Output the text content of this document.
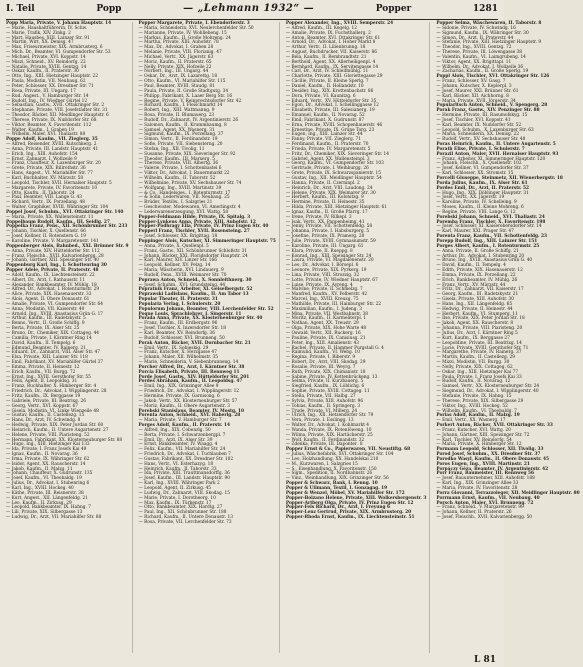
I. Teil	Popp	— „Lehmann 1932“ —	Popper	1281
Popp Maria, Private, V. Johann Hauptstr. 14
— Marie, Haushaltführerin, IV. Schw.
— Marie, Trafik, XIV. Zinkg. 2
— Mart. Hausbes. XIII. Lainzer Str. 91
— Martin, Wirt, XX. Denisg. 47
— Max, Friseurmeister, XIX. Armbrusterg. 6
— Mich. Dr., Beamter, VI. Gumpendorfer Str. 53
— Michael, Private, XVI. Koppstr. 14
— Mizzi, Schneid., XV. Reindorfg. 22
— Natalie, Private, XVIII. Gentzg. 14
— Oskar, Kaufm., II. Praterstr. 30
— Otto, Ing., XIII. Hietzinger Hauptstr. 22
— Paula, Modistin, VII. Neubaug. 62
— Peter, Schlosser, XX. Dresdner Str. 71
— Rosa, Private, III. Ungarg. 17
— Rud. Angest., V. Hamburger Str. 14
— Rudolf, Ing., IV. Wiedner Gürtel 12
— Sebastian, Gastw., XVII. Ottakringer Str. 2
— Stephanie, Private, VIII. Josefstädter Str. 31
— Theodor, Bäcker, XII. Meidlinger Hauptstr. 6
— Therese, Private, IX. Nußdorfer Str. 68
— Viktor, Beamter, X. Favoritenstr. 112
— Walter, Kaufm., I. Graben 19
— Wilhelm, Maler, XVI. Thaliastr. 88
Poppe Adolf, Kaufm., VII. Zieglerg. 35
— Alfred, Reisender, XVIII. Kutschkerg. 2
— Anna, Private, III. Landstr. Hauptstr. 41
— Erich, Ing., XIII. Auhofstr. 154
— Ernst, Zahnarzt, I. Wollzeile 9
— Franz, Chauffeur, X. Laxenburger Str. 20
— Grete, Private, XIX. Billrothstr. 36
— Hans, Angest., VI. Mariahilfer Str. 77
— Karl, Buchhalter, XV. Märzstr. 58
— Leopold, Tischler, XVII. Hernalser Hauptstr. 5
— Margarete, Private, IV. Favoritenstr. 10
— Otto, Kaufm., II. Taborstr. 24
— Paul, Beamter, VIII. Lange G. 43
— Richard, Vertr., IX. Porzellang. 48
— Walter, Graphiker, XVIII. Währinger Str. 104
Poppel Josef, Schuhm., XVI. Ottakringer Str. 140
— Maria, Private, XX. Wallensteinstr. 11
Poppelbaum Rudolf, Kaufm., III. Seidlg. 27
Poppelka Franz, Pens., XII. Schönbrunner Str. 233
— Johann, Tischler, X. Quellenstr. 66
— Josef, Kellner, II. Rotenstern G. 19
— Karoline, Private, V. Margaretenstr. 141
Poppenberger Alois, Bahnbed., XXI. Brünner Str. 9
— Anna, Private, XIV. Hütteldorfer Str. 112
— Franz, Fleischh., XVII. Kalvarienbergg. 28
— Johann, Gärtner, XIII. Speisinger Str. 40
Poppenburg Karl, Ing., I. Schottenring 30
Popper Adele, Private, II. Praterstr. 48
— Adolf, Kaufm., IX. Liechtensteinstr. 22
— Albert, Dr., Arzt, I. Rathausstr. 11
— Alexander, Bankbeamter, IV. Mühlg. 18
— Alfred, Dr., Advokat, I. Rotenturmstr. 29
— Alice, Private, XIX. Hasenauerstr. 33
— Alois, Agent, II. Obere Donaustr. 61
— Amalie, Private, VI. Gumpendorfer Str. 64
— Anna, Modistin, VII. Kaiserstr. 40
— Arnold, Ing., XVIII. Anastasius Grün G. 17
— Arthur, Kaufm., III. Radetzkystr. 5
— Benno, Vertr., II. Große Schiffg. 9
— Berta, Private, IX. Alser Str. 25
— Bruno, Dr., Chemiker, XIX. Cottageg. 44
— Camilla, Private, I. Kärntner Ring 14
— David, Kaufm., II. Tempelg. 6
— Edmund, Beamter, IV. Rainerg. 21
— Eduard, Dr., Zahnarzt, VIII. Alser Str. 47
— Elsa, Private, XIII. Lainzer Str. 118
— Emil, Fabrikant, XV. Mariahilfer Gürtel 37
— Emma, Private, II. Heinestr. 12
— Erich, Kaufm., VII. Burgg. 72
— Ernst, Ing., XVIII. Gersthofer Str. 55
— Felix, Agent, II. Leopoldsg. 31
— Franz, Buchhalter, X. Himberger Str. 4
— Friedrich, Dr., Advokat, I. Wipplingerstr. 28
— Fritz, Kaufm., IX. Berggasse 19
— Gabriele, Private, III. Beatrixg. 26
— Georg, Vertr., XVI. Koppstr. 67
— Gisela, Modistin, VI. Linke Wienzeile 48
— Gustav, Kaufm., II. Castellezg. 15
— Hans, Dr., Arzt, IV. Schwindg. 8
— Hedwig, Private, XIX. Peter Jordan Str. 60
— Heinrich, Kaufm., II. Untere Augartenstr. 27
— Helene, Private, VIII. Piaristeng. 52
— Hermann, Fabrikant, XX. Klosterneuburger Str. 88
— Hugo, Ing., XIII. Hietzinger Kai 133
— Ida, Private, I. Franz Josefs Kai 49
— Ignaz, Kaufm., II. Novarag. 36
— Irma, Private, IX. Währinger Str. 62
— Isidor, Agent, XX. Rauscherstr. 14
— Jakob, Kaufm., II. Malzg. 11
— Johann, Chauffeur, X. Gudrunstr. 135
— Josef, Kaufm., VI. Theobaldg. 19
— Julius, Dr., Advokat, I. Stubenring 6
— Karl, Ing., XVIII. Hockeg. 40
— Käthe, Private, III. Reisnerstr. 38
— Kurt, Angest., XII. Längenfeldg. 21
— Leo, Kaufm., II. Zirkusg. 29
— Leopold, Bankbeamter, IX. Hahng. 7
— Lili, Private, XIX. Silbergasse 13
— Ludwig, Dr., Arzt, VII. Mariahilfer Str. 88
Popper Margarete, Private, I. Ebendorferstr. 3
— Maria, Schneiderin, XVI. Neulerchenfelder Str. 50
— Marianne, Private, IV. Wohllebeng. 15
— Markus, Kaufm., II. Große Mohreng. 24
— Martha, Private, XIII. Auhofstr. 78
— Max, Dr., Advokat, I. Graben 28
— Melanie, Private, VIII. Florianig. 47
— Michael, Vertr., XX. Jägerstr. 63
— Moriz, Kaufm., II. Praterstr. 65
— Nelly, Private, XIX. Hofzeile 22
— Norbert, Ing., III. Ungarg. 44
— Oskar, Dr., Arzt, IX. Lazarettg. 18
— Otto, Kaufm., VI. Mariahilfer Str. 115
— Paul, Beamter, XVIII. Staudg. 81
— Paula, Private, II. Große Stadtgutg. 34
— Philipp, Fabrikant, X. Laaer Berg Str. 16
— Regine, Private, V. Reinprechtsdorfer Str. 42
— Richard, Kaufm., I. Fleischmarkt 14
— Robert, Ing., XIII. Wattmanng. 9
— Rosa, Private, II. Blumauerg. 23
— Rudolf, Dr., Zahnarzt, IV. Argentinierstr. 26
— Salomon, Kaufm., II. Krummbaumg. 8
— Samuel, Agent, XX. Wasnerg. 31
— Sigmund, Kaufm., IX. Porzellang. 37
— Simon, Vertr., II. Ferdinandstr. 19
— Sofie, Private, VII. Siebensterng. 20
— Stefan, Ing., XII. Tivolig. 11
— Susanne, Private, XIX. Sieveringer Str. 92
— Theodor, Kaufm., III. Marxerg. 5
— Therese, Private, VIII. Albertg. 36
— Valerie, Private, I. Schottenbastei 6
— Viktor, Dr., Advokat, I. Bauernmarkt 22
— Wilhelm, Kaufm., II. Taborstr. 52
— Wilhelmine, Private, XV. Sechshauser Str. 74
— Wolfgang, Ing., XVIII. Martinstr. 39
— & Co., Handelsges., I. Rotenturmstr. 17
— & Sohn, Lederwaren, VII. Neubaug. 25
— Brüder, Textilw., I. Salzgries 21
— Geschwister, Modewaren, VI. Amerlingstr. 4
— Lederwarenerzeugung, XVI. Wattg. 58
Popper-Feldmann Hilde, Private, IX. Spitalg. 3
Popper-Lynkeus Anna, Private, XIII. Auhofstr. 12
Popper-Podhragy Ella, Private, IV. Prinz Eugen Str. 40
Popperl Franz, Tischler, XVII. Rosensteing. 27
— Josef, Schlosser, XX. Brigittag. 18
Poppinger Alois, Kutscher, XI. Simmeringer Hauptstr. 75
— Anna, Private, X. Quellenpl. 5
— Franz, Gastw., XII. Schönbrunner Schloßstr. 31
— Johann, Bäcker, XXI. Floridsdorfer Hauptstr. 24
— Karl, Maurer, XIV. Linzer Str. 166
— Leopold, Kellner, XV. Pelzg. 14
— Maria, Wäscherin, XVI. Lindauerg. 9
— Rudolf, Pens., XVIII. Weimarer Str. 70
Poprawa Anton, Schneid., X. Sonnleithnerg. 30
— Josef, Schuhm., XVI. Grundsteing. 44
Popratnik Franz, Arbeiter, XI. Geiselbergstr. 52
Poprawski Ladislaus, Kaufm., II. Am Tabor 13
Popular Theater, II. Praterstr. 31
Popularia Verlag, I. Schulerstr. 20
Populorum Johann, Beamter, VIII. Lerchenfelder Str. 52
Poque Louis, Sprachlehrer, I. Singerstr. 11
Porada Anna, Private, XX. Klosterneuburger Str. 40
— Franz, Kaufm., III. Erdbergstr. 96
— Josef, Tischler, X. Inzersdorfer Str. 18
— Karl, Beamter, XV. Reindorfg. 36
— Rudolf, Schlosser, XVI. Brunneng. 50
Porak Anton, Bäcker, XVII. Dornbacher Str. 21
— Emil, Vertr., IX. Sobieskig. 29
— Franz, Kutscher, X. Herzgasse 47
— Johann, Maler, XII. Wilhelmstr. 35
— Marie, Schneiderin, V. Siebenbrunneng. 14
Porcher Alfred, Dr., Arzt, I. Kärntner Str. 38
Porcia Elisabeth, Private, III. Rennweg 11
Porde Josef, Gastw., XIV. Hütteldorfer Str. 201
Pordes Abraham, Kaufm., II. Leopoldsg. 47
— Emil, Ing., XIX. Grinzinger Allee 9
— Friedrich, Dr., Advokat, I. Wipplingerstr. 12
— Hermine, Private, IX. Garnisong. 6
— Jakob, Vertr., XX. Klosterneuburger Str. 57
— Moriz, Kaufm., II. Obere Augartenstr. 3
Porebski Stanislaus, Beamter, IV. Mostg. 10
Porenta Anton, Schneid., XVI. Haberlg. 28
— Maria, Private, V. Hamburger Str. 7
Porges Adolf, Kaufm., II. Praterstr. 14
— Alfred, Ing., XIX. Cobenzlg. 50
— Berta, Private, I. Schwarzenbergpl. 7
— Emil, Dr., Arzt, IX. Alser Str. 39
— Ernst, Bankbeamter, IV. Waagg. 4
— Felix, Kaufm., VII. Mariahilfer Str. 24
— Friedrich, Dr., Advokat, I. Tuchlauben 7
— Gustav, Fabrikant, XX. Dresdner Str. 102
— Hans, Vertr., VI. Esterhazyg. 18
— Heinrich, Kaufm., II. Taborstr. 33
— Ida, Private, XIII. Trauttmansdorffg. 36
— Josef, Kaufm., III. Landstr. Hauptstr. 90
— Karl, Ing., XVIII. Währinger Park 2
— Leopold, Agent, II. Zirkusg. 45
— Ludwig, Dr., Zahnarzt, VIII. Skodag. 15
— Marie, Private, I. Dorotheerg. 10
— Max, Kaufm., IX. Türkenstr. 17
— Otto, Bankbeamter, XIX. Hardtg. 27
— Paul, Ing., XII. Schönbrunner Str. 188
— Richard, Kaufm., II. Untere Donaustr. 13
— Rosa, Private, VII. Lerchenfelder Str. 73
Popper Alexander, Ing., XVIII. Semperstr. 24
— Alfred, Kaufm., III. Kegelg. 12
— Amalie, Private, IX. Fuchsthallerg. 2
— Anton, Beamter, XVI. Ottakringer Str. 61
— Arnold, Dr., Advokat, I. Hoher Markt 8
— Arthur, Vertr., II. Lilienbrunng. 18
— August, Buchdrucker, VII. Kaiserstr. 86
— Béla, Kaufm., II. Rembrandtstr. 21
— Berthold, Agent, XX. Allerheiligenpl. 4
— Bernhard, Kaufm., IX. Servitengasse 14
— Carl, Dr., Arzt, IV. Schleifmühlg. 11
— Charlotte, Private, XIII. Gloriettegasse 29
— Cäcilie, Private, II. Kleine Sperlg. 7
— Daniel, Kaufm., II. Hollandstr. 10
— Desider, Ing., XIX. Krottenbachstr. 86
— Dora, Private, VI. Kaunitzg. 6
— Eduard, Vertr., XV. Hütteldorfer Str. 35
— Egon, Dr., Advokat, I. Schellinggasse 12
— Elisabeth, Private, III. Salesianerg. 19
— Emanuel, Kaufm., II. Novarag. 52
— Emil, Fabrikant, X. Gudrunstr. 87
— Erna, Private, XVIII. Schopenhauerstr. 46
— Ernestine, Private, IX. Grüne Torg. 23
— Eugen, Ing., XIII. Lainzer Str. 44
— Fanny, Private, VII. Zieglerg. 71
— Ferdinand, Kaufm., II. Praterstr. 70
— Frieda, Private, IV. Margaretenstr. 5
— Fritz, Dr., Chemiker, XIX. Sieveringer Str. 14
— Gabriel, Agent, XX. Wallensteinpl. 3
— Georg, Kaufm., VI. Gumpendorfer Str. 103
— Gertrude, Private, I. Weihburgg. 26
— Grete, Private, IX. Schwarzspanierstr. 15
— Gustav, Ing., XII. Meidlinger Hauptstr. 54
— Hanna, Private, II. Czerninpl. 2
— Heinrich, Dr., Arzt, VIII. Laudong. 24
— Helene, Private, XIX. Weimarer Str. 30
— Herbert, Kaufm., III. Kolonitzg. 9
— Hermine, Private, II. Heinestr. 35
— Hilda, Private, XIII. Hietzinger Hauptstr. 61
— Ignaz, Kaufm., II. Große Pfarrg. 17
— Irene, Private, IV. Rilkepl. 3
— Isak, Vertr., XX. Pappenheimg. 41
— Jenny, Private, VII. Schottenfeldg. 58
— Johanna, Private, I. Habsburgerg. 5
— Josefine, Private, IX. Pramerg. 20
— Julie, Private, XVIII. Gymnasiumstr. 59
— Karoline, Private, III. Ungarg. 61
— Klara, Private, II. Rueppg. 8
— Konrad, Ing., XIII. Speisinger Str. 24
— Laura, Private, VI. Magdalenenstr. 20
— Leo, Dr., Advokat, I. Börsepl. 6
— Leonore, Private, XIX. Pyrkerg. 19
— Lina, Private, VIII. Strozzig. 32
— Lotte, Private, IV. Wiedner Hauptstr. 67
— Luise, Private, IX. Ayreng. 4
— Malvine, Private, II. Schmelzg. 7
— Manfred, Kaufm., XV. Felberstr. 42
— Marcel, Ing., XVIII. Kreuzg. 75
— Mathilde, Private, III. Hainburger Str. 22
— Maximilian, Kaufm., I. Judeng. 3
— Mina, Private, VII. Westbahnstr. 38
— Moritz, Kaufm., II. Karmeliterpl. 1
— Nathan, Agent, XX. Treustr. 29
— Olga, Private, XIX. Hohe Warte 48
— Oswald, Vertr., XII. Ruckerg. 16
— Pauline, Private, IX. Canisiusg. 21
— Peter, Ing., XIII. Amalienstr. 43
— Rachel, Private, II. Hammer Purgstall G. 4
— Raimund, Kaufm., VI. Webg. 10
— Regina, Private, I. Biberstr. 9
— Robert, Dr., Arzt, VIII. Skodag. 29
— Rosalie, Private, III. Weyrg. 7
— Ruth, Private, XIX. Chimanistr. 18
— Sabine, Private, IV. Kettenbrückeng. 13
— Selma, Private, II. Kurzbauerg. 5
— Siegfried, Kaufm., IX. Löblichg. 6
— Sophie, Private, XVIII. Cottageg. 11
— Stella, Private, VII. Halbg. 27
— Sylvia, Private, XIII. Auhofstr. 96
— Tobias, Kaufm., II. Springerg. 3
— Trude, Private, VI. Millerg. 24
— Ulrich, Ing., XII. Hetzendorfer Str. 79
— Vera, Private, I. Esslingg. 13
— Walter, Dr., Advokat, I. Kohlmarkt 4
— Wanda, Private, IX. Rotenlöweng. 10
— Wilma, Private, XIX. Hartäckerstr. 25
— Wolf, Kaufm., II. Ferdinandstr. 32
— Zdenka, Private, III. Dapontег. 8
Popper Ernst & Co., Papierwaren, VII. Neustiftg. 68
— Julius, Wäschefabrik, XVI. Ottakringer Str. 104
— Leo, Holzhandlung, XX. Handelskai 210
— M., Kurzwaren, I. Salzgries 15
— S., Eisenhandlung, X. Favoritenstr. 150
— Sigm., Spedition, II. Nordbahnstr. 26
— Vinz., Weinhandlung, XIX. Grinzinger Str. 56
Popper & Schwarz, Bank, I. Renng. 10
Popper & Ullmann, Textil, I. Gonzagag. 19
Popper & Wenzel, Möbel, XV. Mariahilfer Str. 172
Popper-Bolzano Helene, Private, XIII. Wolkersbergenstr. 3
Popper-Artberg Olga, Private, IV. Prinz Eugen Str. 12
Popper-Fels Richard, Dr., Arzt, I. Freyung 6
Popper-Lenz Gertrud, Private, XIX. Armbrusterg. 20
Popper-Rhoda Ernst, Kaufm., IX. Liechtensteinstr. 51
Popper Selma, Wäschewaren, II. Taborstr. 8
— Sidonie, Private, IV. Schwindg. 16
— Sigmund, Kaufm., IX. Währinger Str. 30
— Simon, Dr., Arzt, II. Praterstr. 44
— Stefanie, Private, XIII. Hietzinger Hauptstr. 9
— Theodor, Ing., XVIII. Gentzg. 72
— Therese, Private, III. Löwengasse 38
— Valentin, Kaufm., VI. Laimgrubeng. 14
— Viktor, Agent, XX. Brigittapl. 11
— Wilhelm, Dr., Advokat, I. Wollzeile 36
— Zacharias, Kaufm., II. Große Sperlg. 19
Poppl Alois, Tischler, XVI. Ottakringer Str. 126
— Franz, Schlosser, XV. Gasg. 7
— Johann, Kutscher, X. Keplerpl. 3
— Josef, Maurer, XXI. Brünner Str. 61
— Karl, Bäcker, XII. Aichhorng. 8
— Maria, Private, XVII. Jörgerstr. 34
Popularitsch Anton, Schneid., V. Spengerg. 28
Porak Franz, Gastw., XIV. Penzinger Str. 88
— Hermine, Private, III. Rasumofskyg. 15
— Josef, Tischler, XVI. Koppstr. 41
— Karl, Beamter, IX. Nußdorfer Str. 52
— Leopold, Schuhm., X. Laxenburger Str. 63
— Maria, Schneiderin, XX. Denisg. 22
— Rudolf, Vertr., XV. Sechshauser Str. 48
Poras Heinrich, Kaufm., II. Untere Augartenstr. 5
Porath Elise, Private, I. Schulerstr. 7
Porazil Anton, Maler, XVII. Hernalser Hauptstr. 93
— Franz, Arbeiter, XI. Simmeringer Hauptstr. 120
— Johann, Fleischh., X. Quellenstr. 102
— Josef, Kellner, VI. Gumpendorfer Str. 37
— Karl, Schlosser, XX. Stromstr. 15
Porcelli Giuseppe, Steinmetz, XII. Wienerbergstr. 18
Porda Julius, Kaufm., IX. Alser Str. 61
Pordes Emil, Dr., Arzt, II. Praterstr. 52
— Hugo, Ing., XIX. Döblinger Hauptstr. 31
— Josef, Vertr., XX. Jägerstr. 19
— Karoline, Private, IV. Schelleing. 9
— Moses, Kaufm., II. Kleine Mohreng. 6
— Regine, Private, VIII. Lange G. 12
Porebski Johann, Schneid., XVI. Thaliastr. 24
Poremba Franz, Tischler, X. Favoritenstr. 198
— Josef, Schlosser, XI. Kaiserebersdorfer Str. 14
— Karl, Maurer, XXI. Prager Str. 47
Porenta Franz, Kaufm., VII. Schottenfeldg. 23
Porepp Rudolf, Ing., XIII. Lainzer Str. 151
Porges Albert, Kaufm., I. Rotenturmstr. 25
— Anna, Private, II. Große Schiffg. 21
— Arthur, Dr., Advokat, I. Stubenring 20
— Bruno, Ing., XVIII. Anastasius Grün G. 40
— David, Kaufm., II. Tempelg. 4
— Edith, Private, XIX. Hasenauerstr. 12
— Emma, Private, IX. Porzellang. 22
— Erich, Bankbeamter, IV. Mühlg. 26
— Franz, Vertr., XV. Märzstr. 44
— Fritz, Dr., Zahnarzt, VII. Kaiserstr. 17
— Georg, Kaufm., III. Radetzkystr. 21
— Gisela, Private, XIII. Auhofstr. 30
— Hans, Ing., XII. Längenfeldg. 65
— Hedwig, Private, II. Heinestr. 44
— Herbert, Kaufm., VI. Stumperg. 11
— Ilse, Private, XIX. Peter Jordan Str. 18
— Jakob, Agent, XX. Rauscherstr. 8
— Johanna, Private, VIII. Piaristeng. 20
— Julius, Dr., Arzt, I. Kärntner Ring 5
— Kurt, Kaufm., IX. Berggasse 27
— Leopoldine, Private, III. Beatrixg. 14
— Lucie, Private, XVIII. Gersthofer Str. 71
— Margarethe, Private, IV. Rainerg. 37
— Martin, Kaufm., II. Castellezg. 29
— Mizzi, Modistin, VII. Burgg. 30
— Nelly, Private, XIX. Cottageg. 62
— Oskar, Ing., XIII. Hietzinger Kai 77
— Paula, Private, I. Franz Josefs Kai 33
— Rudolf, Kaufm., II. Novarag. 12
— Samuel, Vertr., XX. Klosterneuburger Str. 24
— Siegmund, Dr., Advokat, I. Wipplingerstr. 40
— Stefanie, Private, IX. Hahng. 15
— Therese, Private, XIX. Silbergasse 29
— Viktor, Ing., XVIII. Hockeg. 52
— Wilhelm, Kaufm., VI. Theobaldg. 7
Porias Adolf, Kaufm., II. Malzg. 19
— Emil, Vertr., XX. Wasnerg. 17
Porkert Anton, Bäcker, XVII. Ottakringer Str. 33
— Franz, Kutscher, XVI. Wattg. 20
— Johann, Gärtner, XIII. Speisinger Str. 72
— Karl, Tischler, XV. Reindorfg. 54
— Maria, Private, X. Himberger Str. 12
Pormann Leopold, Schlosser, XII. Tivolig. 33
Porod Josef, Schuhm., XX. Dresdner Str. 37
Porodko Wasyl, Kaufm., II. Obere Donaustr. 45
Poros Eugen, Ing., XVIII. Martinstr. 21
Porpáczy Géza, Beamter, IV. Argentinierstr. 42
Porr Franz, Baumeister, III. Rennweg 56
— Josef, Bauunternehmer, XIII. Auhofstr. 188
— Karl, Ing., XIX. Grinzinger Allee 33
— Maria, Private, IV. Favoritenstr. 28
Porra Giovanni, Terrazzoleger, XII. Meidlinger Hauptstr. 80
Porrmann Ernst, Kaufm., VII. Neubaug. 40
Porsch Anton, Maler, XVI. Brunneng. 72
— Franz, Schneid., V. Margaretenstr. 99
— Johann, Kellner, II. Praterstr. 26
— Josef, Fleischh., XVII. Kalvarienbergg. 50
L 81
